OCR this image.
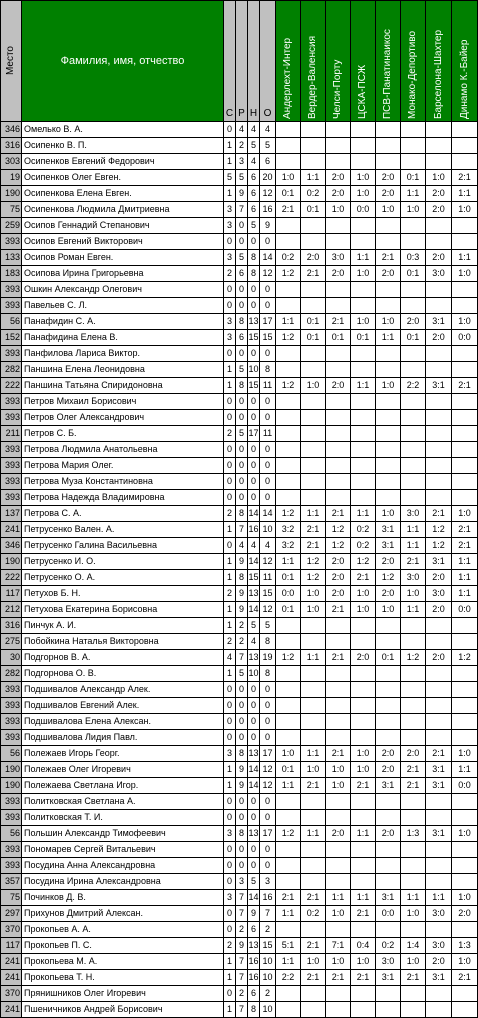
Место	Фамилия, имя, отчество	С	Р	Н	О	Андерлехт-Интер	Вердер-Валенсия	Челси-Порту	ЦСКА-ПСЖ	ПСВ-Панатинаикос	Монако-Депортиво	Барселона-Шахтер	Динамо К.-Байер

346	Омелько В. А.	0	4	4	4								
316	Осипенко В. П.	1	2	5	5								
303	Осипенков Евгений Федорович	1	3	4	6								
19	Осипенков Олег Евген.	5	5	6	20	1:0	1:1	2:0	1:0	2:0	0:1	1:0	2:1
190	Осипенкова Елена Евген.	1	9	6	12	0:1	0:2	2:0	1:0	2:0	1:1	2:0	1:1
75	Осипенкова Людмила Дмитриевна	3	7	6	16	2:1	0:1	1:0	0:0	1:0	1:0	2:0	1:0
259	Осипов Геннадий Степанович	3	0	5	9								
393	Осипов Евгений Викторович	0	0	0	0								
133	Осипов Роман Евген.	3	5	8	14	0:2	2:0	3:0	1:1	2:1	0:3	2:0	1:1
183	Осипова Ирина Григорьевна	2	6	8	12	1:2	2:1	2:0	1:0	2:0	0:1	3:0	1:0
393	Ошкин Александр Олегович	0	0	0	0								
393	Павельев С. Л.	0	0	0	0								
56	Панафидин С. А.	3	8	13	17	1:1	0:1	2:1	1:0	1:0	2:0	3:1	1:0
152	Панафидина Елена В.	3	6	15	15	1:2	0:1	0:1	0:1	1:1	0:1	2:0	0:0
393	Панфилова Лариса Виктор.	0	0	0	0								
282	Паншина Елена Леонидовна	1	5	10	8								
222	Паншина Татьяна Спиридоновна	1	8	15	11	1:2	1:0	2:0	1:1	1:0	2:2	3:1	2:1
393	Петров Михаил Борисович	0	0	0	0								
393	Петров Олег Александрович	0	0	0	0								
211	Петров С. Б.	2	5	17	11								
393	Петрова Людмила Анатольевна	0	0	0	0								
393	Петрова Мария Олег.	0	0	0	0								
393	Петрова Муза Константиновна	0	0	0	0								
393	Петрова Надежда Владимировна	0	0	0	0								
137	Петрова С. А.	2	8	14	14	1:2	1:1	2:1	1:1	1:0	3:0	2:1	1:0
241	Петрусенко Вален. А.	1	7	16	10	3:2	2:1	1:2	0:2	3:1	1:1	1:2	2:1
346	Петрусенко Галина Васильевна	0	4	4	4	3:2	2:1	1:2	0:2	3:1	1:1	1:2	2:1
190	Петрусенко И. О.	1	9	14	12	1:1	1:2	2:0	1:2	2:0	2:1	3:1	1:1
222	Петрусенко О. А.	1	8	15	11	0:1	1:2	2:0	2:1	1:2	3:0	2:0	1:1
117	Петухов Б. Н.	2	9	13	15	0:0	1:0	2:0	1:0	2:0	1:0	3:0	1:1
212	Петухова Екатерина Борисовна	1	9	14	12	0:1	1:0	2:1	1:0	1:0	1:1	2:0	0:0
316	Пинчук А. И.	1	2	5	5								
275	Побойкина Наталья Викторовна	2	2	4	8								
30	Подгорнов В. А.	4	7	13	19	1:2	1:1	2:1	2:0	0:1	1:2	2:0	1:2
282	Подгорнова О. В.	1	5	10	8								
393	Подшивалов Александр Алек.	0	0	0	0								
393	Подшивалов Евгений Алек.	0	0	0	0								
393	Подшивалова Елена Алексан.	0	0	0	0								
393	Подшивалова Лидия Павл.	0	0	0	0								
56	Полежаев Игорь Георг.	3	8	13	17	1:0	1:1	2:1	1:0	2:0	2:0	2:1	1:0
190	Полежаев Олег Игоревич	1	9	14	12	0:1	1:0	1:0	1:0	2:0	2:1	3:1	1:1
190	Полежаева Светлана Игор.	1	9	14	12	1:1	2:1	1:0	2:1	3:1	2:1	3:1	0:0
393	Политковская Светлана А.	0	0	0	0								
393	Политковская Т. И.	0	0	0	0								
56	Польшин Александр Тимофеевич	3	8	13	17	1:2	1:1	2:0	1:1	2:0	1:3	3:1	1:0
393	Пономарев Сергей Витальевич	0	0	0	0								
393	Посудина Анна Александровна	0	0	0	0								
357	Посудина Ирина Александровна	0	3	5	3								
75	Починков Д. В.	3	7	14	16	2:1	2:1	1:1	1:1	3:1	1:1	1:1	1:0
297	Прихунов Дмитрий Алексан.	0	7	9	7	1:1	0:2	1:0	2:1	0:0	1:0	3:0	2:0
370	Прокопьев А. А.	0	2	6	2								
117	Прокопьев П. С.	2	9	13	15	5:1	2:1	7:1	0:4	0:2	1:4	3:0	1:3
241	Прокопьева М. А.	1	7	16	10	1:1	1:0	1:0	1:0	3:0	1:0	2:0	1:0
241	Прокопьева Т. Н.	1	7	16	10	2:2	2:1	2:1	2:1	3:1	2:1	3:1	2:1
370	Прянишников Олег Игоревич	0	2	6	2								
241	Пшеничников Андрей Борисович	1	7	8	10								
